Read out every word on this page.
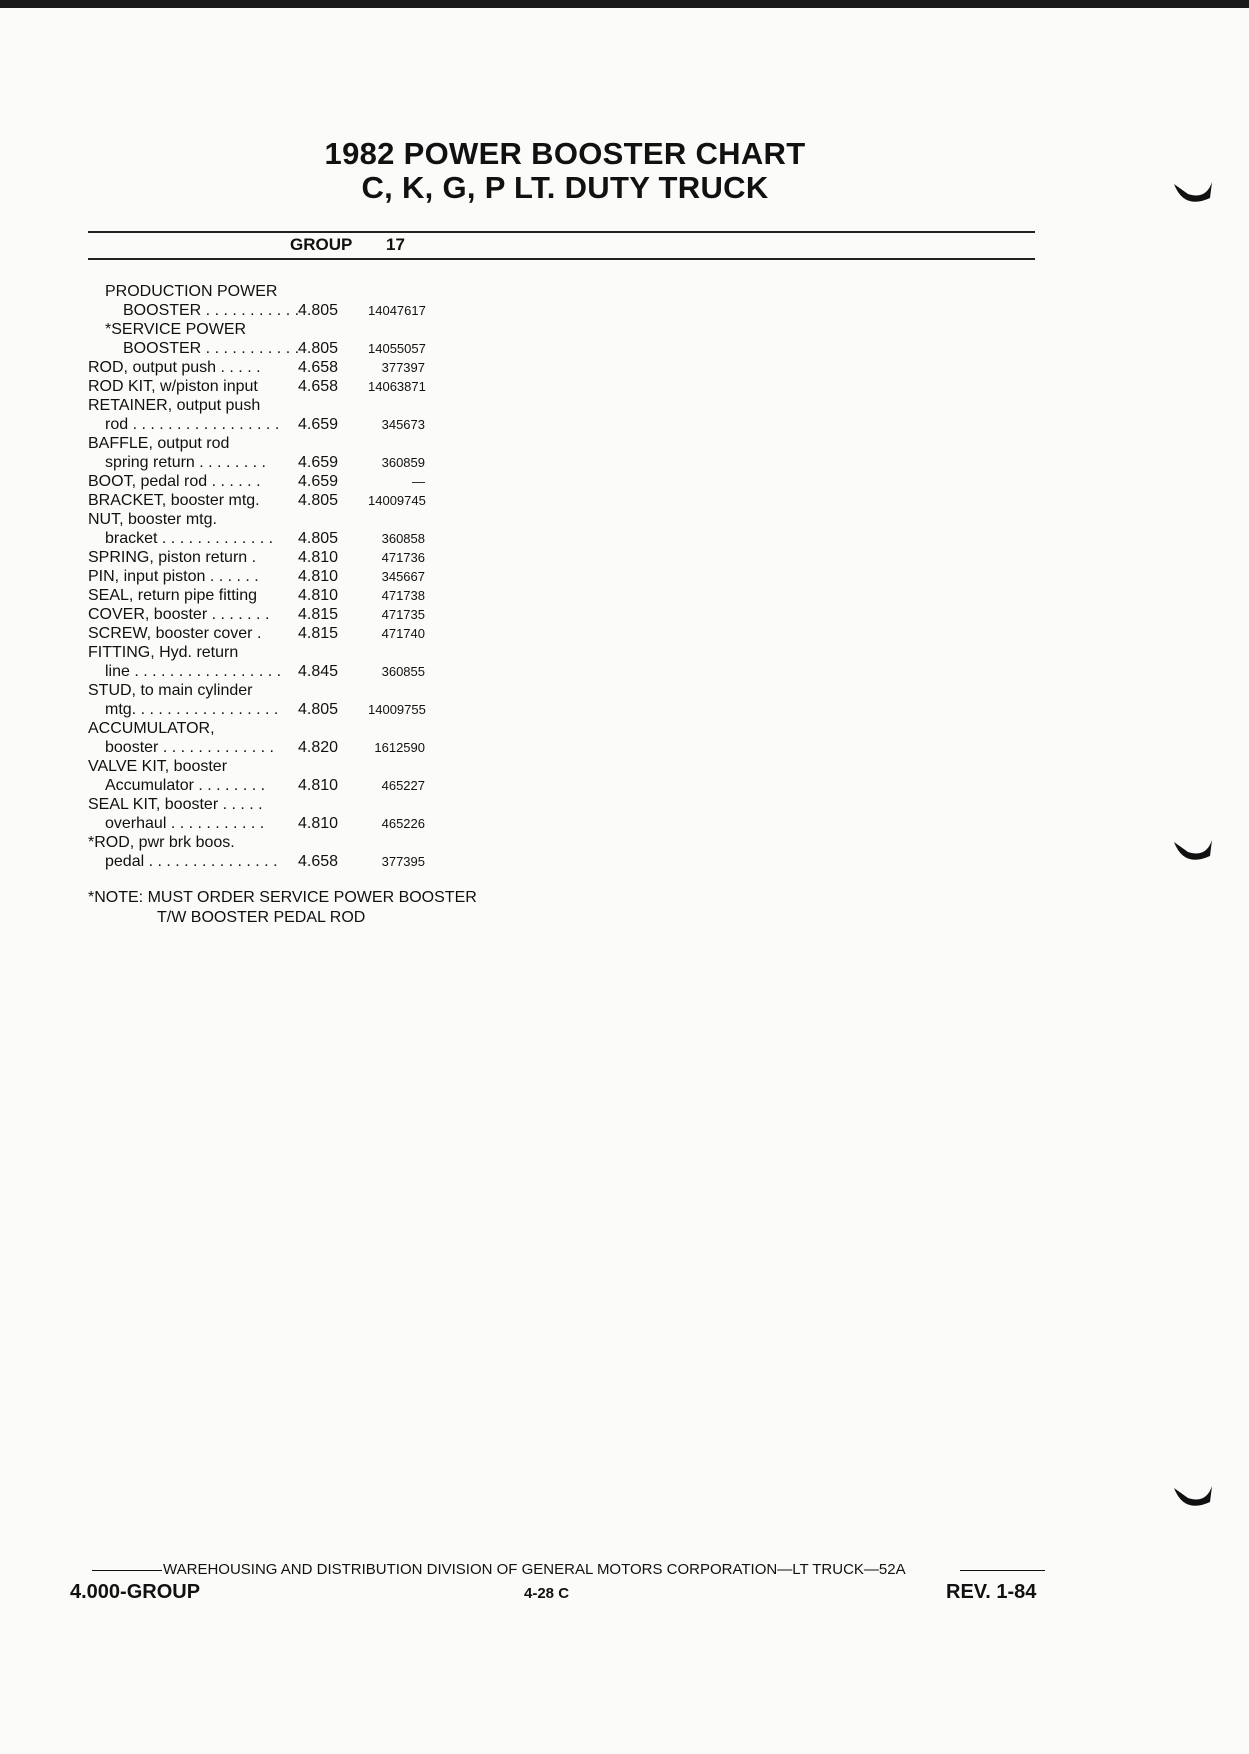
1982 POWER BOOSTER CHART
C, K, G, P LT. DUTY TRUCK
GROUP 17
PRODUCTION POWER
BOOSTER . . . . . . . . . . .
4.805 14047617
*SERVICE POWER
BOOSTER . . . . . . . . . . .
4.805 14055057
ROD, output push . . . . . 4.658	377397
ROD KIT, w/piston input	4.658 14063871
RETAINER, output push
rod . . . . . . . . . . . . . . . . . 4.659	345673
BAFFLE, output rod
spring return . . . . . . . . 4.659	360859
BOOT, pedal rod . . . . . . 4.659	—
BRACKET, booster mtg. 4.805 14009745
NUT, booster mtg.
bracket . . . . . . . . . . . . . 4.805	360858
SPRING, piston return .	4.810	471736
PIN, input piston . . . . . . 4.810	345667
SEAL, return pipe fitting	4.810	471738
COVER, booster . . . . . . . 4.815	471735
SCREW, booster cover . 4.815	471740
FITTING, Hyd. return
line . . . . . . . . . . . . . . . . . 4.845	360855
STUD, to main cylinder
mtg. . . . . . . . . . . . . . . . . 4.805 14009755
ACCUMULATOR,
booster . . . . . . . . . . . . . 4.820	1612590
VALVE KIT, booster
Accumulator . . . . . . . . 4.810	465227
SEAL KIT, booster . . . . .
overhaul . . . . . . . . . . . 4.810	465226
*ROD, pwr brk boos.
pedal . . . . . . . . . . . . . . . 4.658	377395
*NOTE: MUST ORDER SERVICE POWER BOOSTER
T/W BOOSTER PEDAL ROD
WAREHOUSING AND DISTRIBUTION DIVISION OF GENERAL MOTORS CORPORATION—LT TRUCK—52A
4.000-GROUP	4-28 C	REV. 1-84
